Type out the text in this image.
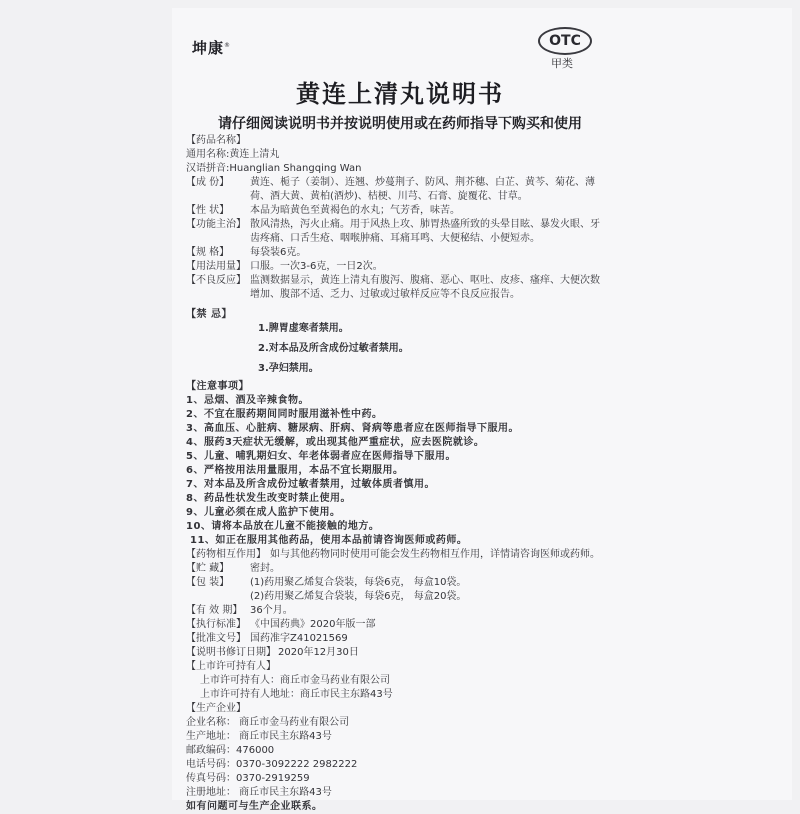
坤康®	OTC
甲类
黄连上清丸说明书
请仔细阅读说明书并按说明使用或在药师指导下购买和使用
【药品名称】
通用名称:黄连上清丸
汉语拼音:Huanglian Shangqing Wan
【成 份】	黄连、栀子（姜制）、连翘、炒蔓荆子、防风、荆芥穗、白芷、黄芩、菊花、薄荷、酒大黄、黄柏(酒炒)、桔梗、川芎、石膏、旋覆花、甘草。
【性 状】	本品为暗黄色至黄褐色的水丸；气芳香，味苦。
【功能主治】 散风清热，泻火止痛。用于风热上攻、肺胃热盛所致的头晕目眩、暴发火眼、牙齿疼痛、口舌生疮、咽喉肿痛、耳痛耳鸣、大便秘结、小便短赤。
【规 格】	每袋装6克。
【用法用量】 口服。一次3-6克，一日2次。
【不良反应】 监测数据显示，黄连上清丸有腹泻、腹痛、恶心、呕吐、皮疹、瘙痒、大便次数增加、腹部不适、乏力、过敏或过敏样反应等不良反应报告。
【禁 忌】
1.脾胃虚寒者禁用。
2.对本品及所含成份过敏者禁用。
3.孕妇禁用。
【注意事项】
1、忌烟、酒及辛辣食物。
2、不宜在服药期间同时服用滋补性中药。
3、高血压、心脏病、糖尿病、肝病、肾病等患者应在医师指导下服用。
4、服药3天症状无缓解，或出现其他严重症状，应去医院就诊。
5、儿童、哺乳期妇女、年老体弱者应在医师指导下服用。
6、严格按用法用量服用，本品不宜长期服用。
7、对本品及所含成份过敏者禁用，过敏体质者慎用。
8、药品性状发生改变时禁止使用。
9、儿童必须在成人监护下使用。
10、请将本品放在儿童不能接触的地方。
11、如正在服用其他药品，使用本品前请咨询医师或药师。
【药物相互作用】 如与其他药物同时使用可能会发生药物相互作用，详情请咨询医师或药师。
【贮 藏】	密封。
【包 装】	(1)药用聚乙烯复合袋装，每袋6克， 每盒10袋。
(2)药用聚乙烯复合袋装，每袋6克， 每盒20袋。
【有 效 期】 36个月。
【执行标准】 《中国药典》2020年版一部
【批准文号】 国药准字Z41021569
【说明书修订日期】 2020年12月30日
【上市许可持有人】
上市许可持有人：商丘市金马药业有限公司
上市许可持有人地址：商丘市民主东路43号
【生产企业】
企业名称： 商丘市金马药业有限公司
生产地址： 商丘市民主东路43号
邮政编码：476000
电话号码：0370-3092222 2982222
传真号码：0370-2919259
注册地址： 商丘市民主东路43号
如有问题可与生产企业联系。
